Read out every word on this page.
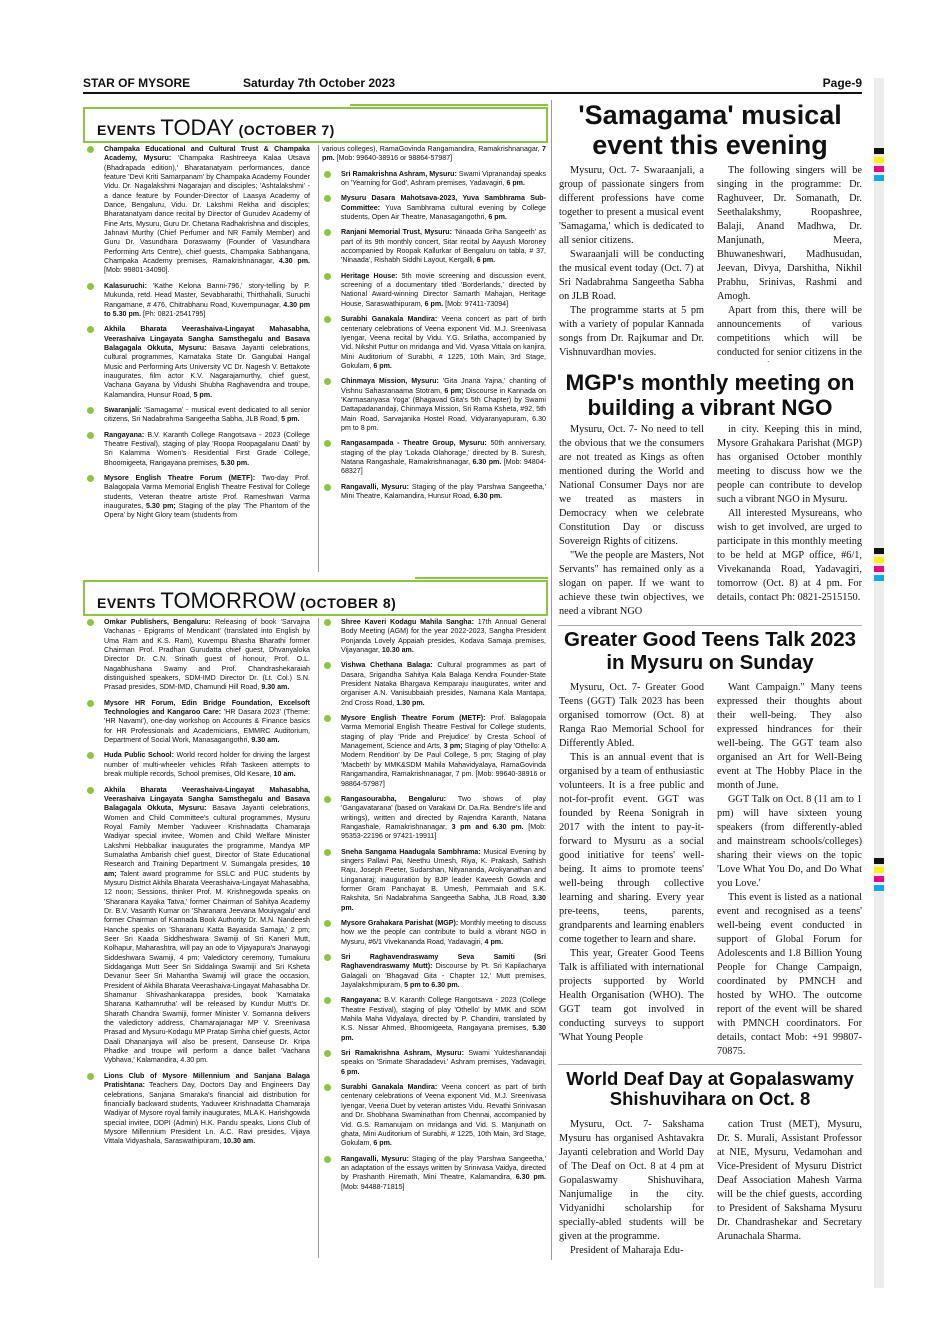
STAR OF MYSORE	Saturday 7th October 2023	Page-9
EVENTS TODAY (OCTOBER 7)
Champaka Educational and Cultural Trust & Champaka Academy, Mysuru: 'Champaka Rashtreeya Kalaa Utsava (Bhadrapada edition),' Bharatanatyam performances, dance feature 'Devi Kriti Samarpanam' by Champaka Academy Founder Vidu. Dr. Nagalakshmi Nagarajan and disciples; 'Ashtalakshmi' - a dance feature by Founder-Director of Laasya Academy of Dance, Bengaluru, Vidu. Dr. Lakshmi Rekha and disciples; Bharatanatyam dance recital by Director of Gurudev Academy of Fine Arts, Mysuru, Guru Dr. Chetana Radhakrishna and disciples, Jahnavi Murthy (Chief Perfumer and NR Family Member) and Guru Dr. Vasundhara Doraswamy (Founder of Vasundhara Performing Arts Centre), chief guests, Champaka Sabhangana, Champaka Academy premises, Ramakrishnanagar, 4.30 pm. [Mob: 99801-34090].
Kalasuruchi: 'Kathe Kelona Banni-796,' story-telling by P. Mukunda, retd. Head Master, Sevabharathi, Thirthahalli, Suruchi Rangamane, # 476, Chitrabhanu Road, Kuvempunagar, 4.30 pm to 5.30 pm. [Ph: 0821-2541795]
Akhila Bharata Veerashaiva-Lingayat Mahasabha, Veerashaiva Lingayata Sangha Samsthegalu and Basava Balagagala Okkuta, Mysuru: Basava Jayanti celebrations, cultural programmes, Karnataka State Dr. Gangubai Hangal Music and Performing Arts University VC Dr. Nagesh V. Bettakote inaugurates, film actor K.V. Nagarajamurthy, chief guest, Vachana Gayana by Vidushi Shubha Raghavendra and troupe, Kalamandira, Hunsur Road, 5 pm.
Swaranjali: 'Samagama' - musical event dedicated to all senior citizens, Sri Nadabrahma Sangeetha Sabha, JLB Road, 5 pm.
Rangayana: B.V. Karanth College Rangotsava - 2023 (College Theatre Festival), staging of play 'Roopa Roopagalanu Daati' by Sri Kalamma Women's Residential First Grade College, Bhoomigeeta, Rangayana premises, 5.30 pm.
Mysore English Theatre Forum (METF): Two-day Prof. Balagopala Varma Memorial English Theatre Festival for College students, Veteran theatre artiste Prof. Rameshwari Varma inaugurates, 5.30 pm; Staging of the play 'The Phantom of the Opera' by Night Glory team (students from
various colleges), RamaGovinda Rangamandira, Ramakrishnanagar, 7 pm. [Mob: 99640-38916 or 98864-57987]
Sri Ramakrishna Ashram, Mysuru: Swami Vipranandaji speaks on 'Yearning for God', Ashram premises, Yadavagiri, 6 pm.
Mysuru Dasara Mahotsava-2023, Yuva Sambhrama Sub-Committee: Yuva Sambhrama cultural evening by College students, Open Air Theatre, Manasagangothri, 6 pm.
Ranjani Memorial Trust, Mysuru: 'Ninaada Griha Sangeeth' as part of its 9th monthly concert, Sitar recital by Aayush Moroney accompanied by Roopak Kallurkar of Bengaluru on tabla, # 37, 'Ninaada', Rishabh Siddhi Layout, Kergalli, 6 pm.
Heritage House: 5th movie screening and discussion event, screening of a documentary titled 'Borderlands,' directed by National Award-winning Director Samarth Mahajan, Heritage House, Saraswathipuram, 6 pm. [Mob: 97411-73094]
Surabhi Ganakala Mandira: Veena concert as part of birth centenary celebrations of Veena exponent Vid. M.J. Sreenivasa Iyengar, Veena recital by Vidu. Y.G. Srilatha, accompanied by Vid. Nikshit Puttur on mridanga and Vid. Vyasa Vittala on kanjira, Mini Auditorium of Surabhi, # 1225, 10th Main, 3rd Stage, Gokulam, 6 pm.
Chinmaya Mission, Mysuru: 'Gita Jnana Yajna,' chanting of Vishnu Sahasranaama Stotram, 6 pm; Discourse in Kannada on 'Karmasanyasa Yoga' (Bhagavad Gita's 5th Chapter) by Swami Dattapadanandaji, Chinmaya Mission, Sri Rama Ksheta, #92, 5th Main Road, Sarvajanika Hostel Road, Vidyaranyapuram, 6.30 pm to 8 pm.
Rangasampada - Theatre Group, Mysuru: 50th anniversary, staging of the play 'Lokada Olahorage,' directed by B. Suresh, Natana Rangashale, Ramakrishnanagar, 6.30 pm. [Mob: 94804-68327]
Rangavalli, Mysuru: Staging of the play 'Parshwa Sangeetha,' Mini Theatre, Kalamandira, Hunsur Road, 6.30 pm.
EVENTS TOMORROW (OCTOBER 8)
Omkar Publishers, Bengaluru: Releasing of book 'Sarvajna Vachanas - Epigrams of Mendicant' (translated into English by Uma Ram and K.S. Ram), Kuvempu Bhasha Bharathi former Chairman Prof. Pradhan Gurudatta chief guest, Dhvanyaloka Director Dr. C.N. Srinath guest of honour, Prof. O.L. Nagabhushana Swamy and Prof. Chandrashekaraiah distinguished speakers, SDM-IMD Director Dr. (Lt. Col.) S.N. Prasad presides, SDM-IMD, Chamundi Hill Road, 9.30 am.
Mysore HR Forum, Edin Bridge Foundation, Excelsoft Technologies and Kangaroo Care: 'HR Dasara 2023' (Theme: 'HR Navami'), one-day workshop on Accounts & Finance basics for HR Professionals and Academicians, EMMRC Auditorium, Department of Social Work, Manasagangothri, 9.30 am.
Huda Public School: World record holder for driving the largest number of multi-wheeler vehicles Rifah Taskeen attempts to break multiple records, School premises, Old Kesare, 10 am.
Akhila Bharata Veerashaiva-Lingayat Mahasabha, Veerashaiva Lingayata Sangha Samsthegalu and Basava Balagagala Okkuta, Mysuru: Basava Jayanti celebrations, Women and Child Committee's cultural programmes, Mysuru Royal Family Member Yaduveer Krishnadatta Chamaraja Wadiyar special invitee, Women and Child Welfare Minister Lakshmi Hebbalkar inaugurates the programme, Mandya MP Sumalatha Ambarish chief guest, Director of State Educational Research and Training Department V. Sumangala presides, 10 am; Talent award programme for SSLC and PUC students by Mysuru District Akhila Bharata Veerashaiva-Lingayat Mahasabha, 12 noon; Sessions, thinker Prof. M. Krishnegowda speaks on 'Sharanara Kayaka Tatva,' former Chairman of Sahitya Academy Dr. B.V. Vasanth Kumar on 'Sharanara Jeevana Mouiyagalu' and former Chairman of Kannada Book Authority Dr. M.N. Nandeesh Hanche speaks on 'Sharanaru Katta Bayasida Samaja,' 2 pm; Seer Sri Kaada Siddheshwara Swamiji of Sri Kaneri Mutt, Kolhapur, Maharashtra, will pay an ode to Vijayapura's Jnanayogi Siddeshwara Swamiji, 4 pm; Valedictory ceremony, Tumakuru Siddaganga Mutt Seer Sri Siddalinga Swamiji and Sri Ksheta Devanur Seer Sri Mahantha Swamiji will grace the occasion, President of Akhila Bharata Veerashaiva-Lingayat Mahasabha Dr. Shamanur Shivashankarappa presides, book 'Karnataka Sharana Kathamrutha' will be released by Kundur Mutt's Dr. Sharath Chandra Swamiji, former Minister V. Somanna delivers the valedictory address, Chamarajanagar MP V. Sreenivasa Prasad and Mysuru-Kodagu MP Pratap Simha chief guests, Actor Daali Dhananjaya will also be present, Danseuse Dr. Kripa Phadke and troupe will perform a dance ballet 'Vachana Vybhava,' Kalamandira, 4.30 pm.
Lions Club of Mysore Millennium and Sanjana Balaga Pratishtana: Teachers Day, Doctors Day and Engineers Day celebrations, Sanjana Smaraka's financial aid distribution for financially backward students, Yaduveer Krishnadatta Chamaraja Wadiyar of Mysore royal family inaugurates, MLA K. Harishgowda special invitee, DDPI (Admin) H.K. Pandu speaks, Lions Club of Mysore Millennium President Ln. A.C. Ravi presides, Vijaya Vittala Vidyashala, Saraswathipuram, 10.30 am.
Shree Kaveri Kodagu Mahila Sangha: 17th Annual General Body Meeting (AGM) for the year 2022-2023, Sangha President Ponjanda Lovely Appaiah presides, Kodava Samaja premises, Vijayanagar, 10.30 am.
Vishwa Chethana Balaga: Cultural programmes as part of Dasara, Srigandha Sahitya Kala Balaga Kendra Founder-State President Nataka Bhargava Kemparaju inaugurates, writer and organiser A.N. Vanisubbaiah presides, Namana Kala Mantapa, 2nd Cross Road, 1.30 pm.
Mysore English Theatre Forum (METF): Prof. Balagopala Varma Memorial English Theatre Festival for College students, staging of play 'Pride and Prejudice' by Cresta School of Management, Science and Arts, 3 pm; Staging of play 'Othello: A Modern Rendition' by De Paul College, 5 pm; Staging of play 'Macbeth' by MMK&SDM Mahila Mahavidyalaya, RamaGovinda Rangamandira, Ramakrishnanagar, 7 pm. [Mob: 99640-38916 or 98864-57987]
Rangasourabha, Bengaluru: Two shows of play 'Gangavatarana' (based on Varakavi Dr. Da.Ra. Bendre's life and writings), written and directed by Rajendra Karanth, Natana Rangashale, Ramakrishnanagar, 3 pm and 6.30 pm. [Mob: 95353-22196 or 97421-19911]
Sneha Sangama Haadugala Sambhrama: Musical Evening by singers Pallavi Pai, Neethu Umesh, Riya, K. Prakash, Sathish Raju, Joseph Peeter, Sudarshan, Nityananda, Arokyanathan and Linganaraj; inauguration by BJP leader Kaveesh Gowda and former Gram Panchayat B. Umesh, Pemmaiah and S.K. Rakshita, Sri Nadabrahma Sangeetha Sabha, JLB Road, 3.30 pm.
Mysore Grahakara Parishat (MGP): Monthly meeting to discuss how we the people can contribute to build a vibrant NGO in Mysuru, #6/1 Vivekananda Road, Yadavagiri, 4 pm.
Sri Raghavendraswamy Seva Samiti (Sri Raghavendraswamy Mutt): Discourse by Pt. Sri Kapilacharya Galagali on 'Bhagavad Gita - Chapter 12,' Mutt premises, Jayalakshmipuram, 5 pm to 6.30 pm.
Rangayana: B.V. Karanth College Rangotsava - 2023 (College Theatre Festival), staging of play 'Othello' by MMK and SDM Mahila Maha Vidyalaya, directed by P. Chandini, translated by K.S. Nissar Ahmed, Bhoomigeeta, Rangayana premises, 5.30 pm.
Sri Ramakrishna Ashram, Mysuru: Swami Yuktеshanandaji speaks on 'Srimate Sharadadevi.' Ashram premises, Yadavagiri, 6 pm.
Surabhi Ganakala Mandira: Veena concert as part of birth centenary celebrations of Veena exponent Vid. M.J. Sreenivasa Iyengar, Veena Duet by veteran artistes Vidu. Revathi Srinivasan and Dr. Shobhana Swaminathan from Chennai, accompanied by Vid. G.S. Ramanujam on mridanga and Vid. S. Manjunath on ghata, Mini Auditorium of Surabhi, # 1225, 10th Main, 3rd Stage, Gokulam, 6 pm.
Rangavalli, Mysuru: Staging of the play 'Parshwa Sangeetha,' an adaptation of the essays written by Srinivasa Vaidya, directed by Prashanth Hiremath, Mini Theatre, Kalamandira, 6.30 pm. [Mob: 94488-71815]
'Samagama' musical event this evening

Mysuru, Oct. 7- Swaraanjali, a group of passionate singers from different professions have come together to present a musical event 'Samagama,' which is dedicated to all senior citizens.

Swaraanjali will be conducting the musical event today (Oct. 7) at Sri Nadabrahma Sangeetha Sabha on JLB Road.

The programme starts at 5 pm with a variety of popular Kannada songs from Dr. Rajkumar and Dr. Vishnuvardhan movies.

The following singers will be singing in the programme: Dr. Raghuveer, Dr. Somanath, Dr. Seethalakshmy, Roopashree, Balaji, Anand Madhwa, Dr. Manjunath, Meera, Bhuwaneshwari, Madhusudan, Jeevan, Divya, Darshitha, Nikhil Prabhu, Srinivas, Rashmi and Amogh.

Apart from this, there will be announcements of various competitions which will be conducted for senior citizens in the

MGP's monthly meeting on building a vibrant NGO

Mysuru, Oct. 7- No need to tell the obvious that we the consumers are not treated as Kings as often mentioned during the World and National Consumer Days nor are we treated as masters in Democracy when we celebrate Constitution Day or discuss Sovereign Rights of citizens.

"We the people are Masters, Not Servants" has remained only as a slogan on paper. If we want to achieve these twin objectives, we need a vibrant NGO

in city. Keeping this in mind, Mysore Grahakara Parishat (MGP) has organised October monthly meeting to discuss how we the people can contribute to develop such a vibrant NGO in Mysuru.

All interested Mysureans, who wish to get involved, are urged to participate in this monthly meeting to be held at MGP office, #6/1, Vivekananda Road, Yadavagiri, tomorrow (Oct. 8) at 4 pm. For details, contact Ph: 0821-2515150.

Greater Good Teens Talk 2023 in Mysuru on Sunday

Mysuru, Oct. 7- Greater Good Teens (GGT) Talk 2023 has been organised tomorrow (Oct. 8) at Ranga Rao Memorial School for Differently Abled.

This is an annual event that is organised by a team of enthusiastic volunteers. It is a free public and not-for-profit event. GGT was founded by Reena Sonigrah in 2017 with the intent to pay-it-forward to Mysuru as a social good initiative for teens' well-being. It aims to promote teens' well-being through collective learning and sharing. Every year pre-teens, teens, parents, grandparents and learning enablers come together to learn and share.

This year, Greater Good Teens Talk is affiliated with international projects supported by World Health Organisation (WHO). The GGT team got involved in conducting surveys to support 'What Young People

Want Campaign.'' Many teens expressed their thoughts about their well-being. They also expressed hindrances for their well-being. The GGT team also organised an Art for Well-Being event at The Hobby Place in the month of June.

GGT Talk on Oct. 8 (11 am to 1 pm) will have sixteen young speakers (from differently-abled and mainstream schools/colleges) sharing their views on the topic 'Love What You Do, and Do What you Love.'

This event is listed as a national event and recognised as a teens' well-being event conducted in support of Global Forum for Adolescents and 1.8 Billion Young People for Change Campaign, coordinated by PMNCH and hosted by WHO. The outcome report of the event will be shared with PMNCH coordinators. For details, contact Mob: +91 99807-70875.

World Deaf Day at Gopalaswamy Shishuvihara on Oct. 8

Mysuru, Oct. 7- Sakshama Mysuru has organised Ashtavakra Jayanti celebration and World Day of The Deaf on Oct. 8 at 4 pm at Gopalaswamy Shishuvihara, Nanjumalige in the city. Vidyanidhi scholarship for specially-abled students will be given at the programme.

President of Maharaja Edu-

cation Trust (MET), Mysuru, Dr. S. Murali, Assistant Professor at NIE, Mysuru, Vedamohan and Vice-President of Mysuru District Deaf Association Mahesh Varma will be the chief guests, according to President of Sakshama Mysuru Dr. Chandrashekar and Secretary Arunachala Sharma.
